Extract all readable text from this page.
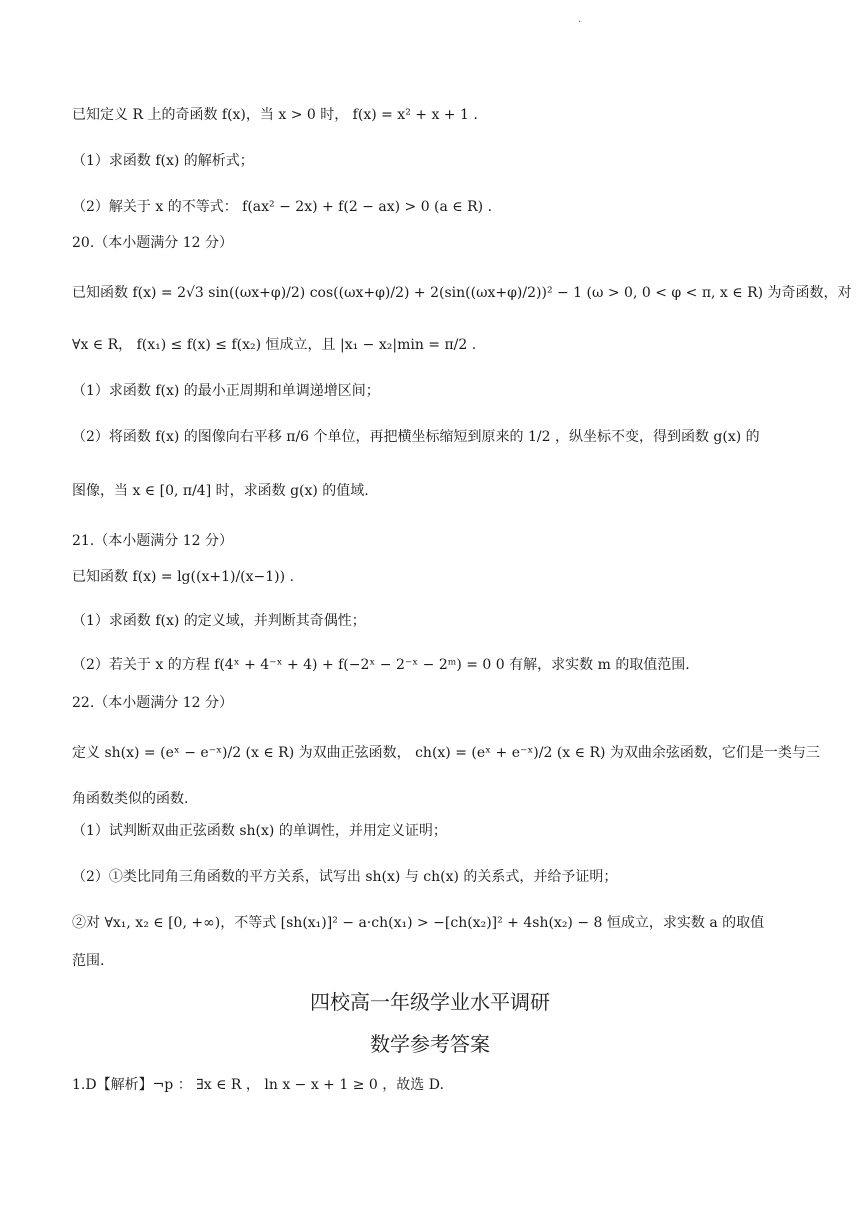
.
已知定义 R 上的奇函数 f(x)，当 x > 0 时， f(x) = x² + x + 1 .
（1）求函数 f(x) 的解析式；
（2）解关于 x 的不等式： f(ax² − 2x) + f(2 − ax) > 0 (a ∈ R) .
20.（本小题满分 12 分）
已知函数 f(x) = 2√3 sin((ωx+φ)/2) cos((ωx+φ)/2) + 2(sin((ωx+φ)/2))² − 1 (ω > 0, 0 < φ < π, x ∈ R) 为奇函数，对
∀x ∈ R， f(x₁) ≤ f(x) ≤ f(x₂) 恒成立，且 |x₁ − x₂|min = π/2 .
（1）求函数 f(x) 的最小正周期和单调递增区间；
（2）将函数 f(x) 的图像向右平移 π/6 个单位，再把横坐标缩短到原来的 1/2 ，纵坐标不变，得到函数 g(x) 的
图像，当 x ∈ [0, π/4] 时，求函数 g(x) 的值域.
21.（本小题满分 12 分）
已知函数 f(x) = lg((x+1)/(x−1)) .
（1）求函数 f(x) 的定义域，并判断其奇偶性；
（2）若关于 x 的方程 f(4ˣ + 4⁻ˣ + 4) + f(−2ˣ − 2⁻ˣ − 2ᵐ) = 0 0 有解，求实数 m 的取值范围.
22.（本小题满分 12 分）
定义 sh(x) = (eˣ − e⁻ˣ)/2 (x ∈ R) 为双曲正弦函数， ch(x) = (eˣ + e⁻ˣ)/2 (x ∈ R) 为双曲余弦函数，它们是一类与三
角函数类似的函数.
（1）试判断双曲正弦函数 sh(x) 的单调性，并用定义证明；
（2）①类比同角三角函数的平方关系，试写出 sh(x) 与 ch(x) 的关系式，并给予证明；
②对 ∀x₁, x₂ ∈ [0, +∞)，不等式 [sh(x₁)]² − a·ch(x₁) > −[ch(x₂)]² + 4sh(x₂) − 8 恒成立，求实数 a 的取值
范围.
四校高一年级学业水平调研
数学参考答案
1.D【解析】¬p ： ∃x ∈ R ， ln x − x + 1 ≥ 0 ，故选 D.
